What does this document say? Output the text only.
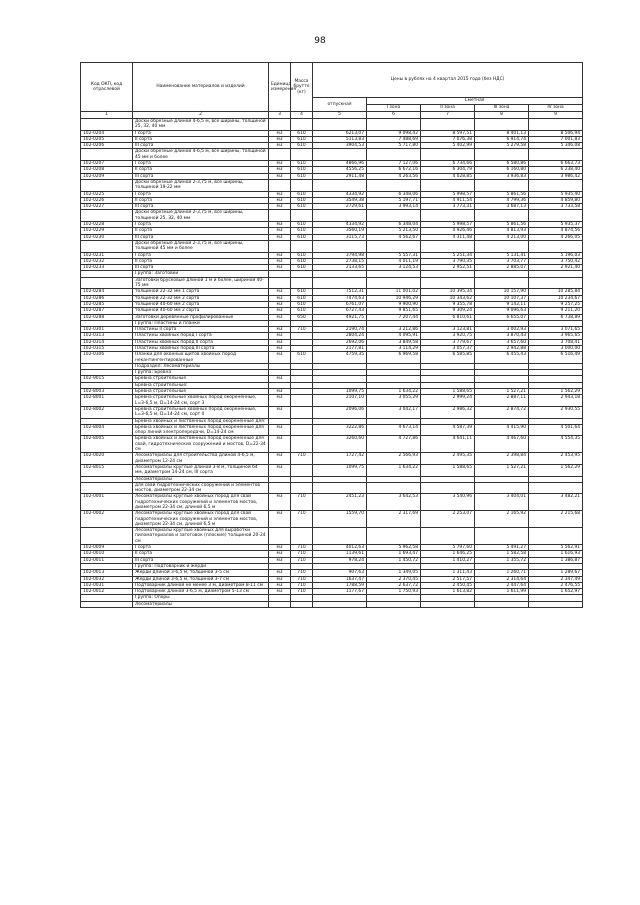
98
Код ОКП, код отраслевой	Наименование материалов и изделий	Единица измерения	Масса брутто (кг)	Цены в рублях на 4 квартал 2015 года (без НДС)				
				отпускная	Сметная			
					I зона	II зона	III зона	IV зона
1	2	3	4	5	6	7	8	9
	Доски обрезные длиной 4-6,5 м, все ширины, толщиной 25, 32, 40 мм							
102-0204	I сорта	м3	610	6213,07	9 098,42	8 597,51	8 401,13	8 506,94
102-0205	II сорта	м3	610	5113,83	7 488,69	7 076,38	6 914,74	7 001,83
102-0206	III сорта	м3	610	3904,53	5 717,80	5 402,99	5 279,58	5 346,08
	Доски обрезные длиной 4-6,5 м, все ширины, толщиной 45 мм и более							
102-0207	I сорта	м3	610	4866,96	7 127,06	6 734,66	6 580,86	6 663,73
102-0208	II сорта	м3	610	4556,25	6 672,16	6 304,79	6 160,80	6 238,40
102-0209	III сорта	м3	610	2911,48	4 263,56	4 028,85	3 936,83	3 986,42
	Доски обрезные длиной 2-3,75 м, все ширины, толщиной 19-22 мм							
102-0225	I сорта	м3	610	4334,92	6 348,06	5 998,57	5 861,56	5 935,40
102-0226	II сорта	м3	610	3549,38	5 197,71	4 911,54	4 799,36	4 859,80
102-0227	III сорта	м3	610	2729,61	3 993,14	3 773,31	3 687,13	3 733,58
	Доски обрезные длиной 2-3,75 м, все ширины, толщиной 25, 32, 40 мм							
102-0228	I сорта	м3	610	4334,92	6 348,04	5 998,57	5 861,56	5 935,37
102-0229	II сорта	м3	610	3560,19	5 213,50	4 926,46	4 813,93	4 874,56
102-0230	III сорта	м3	610	3115,73	4 562,67	4 311,48	4 213,00	4 266,05
	Доски обрезные длиной 2-3,75 м, все ширины, толщиной 45 мм и более							
102-0231	I сорта	м3	610	3794,98	5 557,31	5 251,34	5 131,41	5 196,03
102-0232	II сорта	м3	610	2738,15	4 011,19	3 790,35	3 703,77	3 750,42
102-0233	III сорта	м3	610	2133,65	3 124,53	2 952,51	2 885,07	2 921,40
	Группа: Заготовки							
	Заготовки брусковые длиной 1 м и более, шириной 40-75 мм							
102-0284	толщиной 22-32 мм 1 сорта	м3	610	7512,31	11 001,02	10 395,34	10 157,90	10 285,84
102-0286	толщиной 22-32 мм 2 сорта	м3	610	7474,63	10 946,29	10 343,62	10 107,37	10 234,67
102-0285	толщиной 40-60 мм 2 сорта	м3	610	6761,07	9 900,90	9 355,78	9 142,11	9 257,25
102-0287	толщиной 40-60 мм 2 сорта	м3	610	6727,43	9 851,65	9 309,24	9 096,63	9 211,20
102-0288	Заготовки деревянные профилированные	м3	650	4921,75	7 207,44	6 810,61	6 655,07	6 738,89
	Группа: Пластины и планки							
102-0301	Пластины II сорта	м3	710	2190,74	3 212,86	3 123,81	3 002,93	3 071,65
102-0313	Пластины хвойных пород I сорта	м3		2804,24	4 095,91	3 920,75	3 870,43	3 965,65
102-0314	Пластины хвойных пород II сорта	м3		2692,06	3 849,58	3 779,67	3 657,60	3 708,41
102-0315	Пластины хвойных пород III сорта	м3		2177,81	3 114,29	3 057,37	2 942,88	3 000,00
102-0306	Планки для оконных щитов хвойных пород некантингентированные	м3	610	4759,35	6 969,58	6 585,85	6 455,43	6 516,49
	Подраздел: Лесоматериалы							
	Группа: Бревна							
102-9015	Бревна строительные	м3						
	Бревна строительные:							
102-8003	Бревна строительные	м3		1099,75	1 634,22	1 588,65	1 527,21	1 562,29
102-8001	Бревна строительные хвойных пород окоренённые, L=3-6,5 м, D=14-24 см, сорт 3	м3		2107,10	3 055,29	2 999,24	2 887,11	2 943,18
102-8002	Бревна строительные хвойных пород окоренённые, L=3-6,5 м, D=14-24 см, сорт II	м3		2096,06	3 042,17	2 986,32	2 874,72	2 930,55
	Бревна хвойных и лиственных пород окоренённые для:							
102-8004	Бревна хвойных и лиственных пород окоренённые для опор линий электропередачи, D=14-24 см	м3		3222,86	4 673,14	4 587,39	4 415,90	4 501,64
102-8005	Бревна хвойных и лиственных пород окоренённые для свай, гидротехнических сооружений и мостов, D=22-34 см	м3		3260,60	4 727,86	4 641,11	4 467,60	4 554,35
102-0020	Лесоматериалы для строительства длиной 4-6,5 м, диаметром 12-24 см	м3	710	1727,42	2 566,93	2 495,35	2 398,84	2 453,95
102-8015	Лесоматериалы круглые длиной 3-8 м, толщиной 64 мм, диаметром 14-24 см, III сорта	м3		1099,75	1 634,22	1 588,65	1 527,21	1 562,29
	Лесоматериалы							
	для свай гидротехнических сооружений и элементов мостов, диаметром 22-34 см							
102-0001	Лесоматериалы круглые хвойных пород для свай гидротехнических сооружений и элементов мостов, диаметром 22-34 см, длиной 6,5 м	м3	710	2451,23	3 642,53	3 540,96	3 404,01	3 482,21
102-0002	Лесоматериалы круглые хвойных пород для свай гидротехнических сооружений и элементов мостов, диаметром 22-34 см, длиной 6,5 м	м3	710	1559,70	2 317,69	2 253,07	2 165,92	2 215,68
	Лесоматериалы круглые хвойных для выработки пиломатериалов и заготовок (плоские) толщиной 20-24 см							
102-0009	I сорта	м3	710	4012,63	5 962,58	5 797,60	5 491,27	5 562,91
102-0010	II сорта	м3	710	1139,61	1 693,47	1 646,25	1 582,58	1 616,93
102-0011	III сорта	м3	710	978,24	1 450,72	1 410,27	1 355,72	1 386,87
	Группа: Подтоварник и жерди							
102-0013	Жерди длиной 3-6,5 м, толщиной 3-5 см	м3	710	907,63	1 349,05	1 311,43	1 260,71	1 289,67
102-0032	Жерди длиной 3-6,5 м, толщиной 3-7 см	м3	710	1637,47	2 370,45	2 517,57	2 314,64	2 347,49
102-0031	Подтоварник длиной не менее 3 м, диаметром 8-11 см	м3	710	1788,59	2 637,72	2 450,45	2 447,64	2 476,55
102-0012	Подтоварник длиной 3-6,5 м, диаметром 5-13 см	м3	710	1177,67	1 750,93	1 613,82	1 611,99	1 652,97
	Группа: Опоры							
	Лесоматериалы							
